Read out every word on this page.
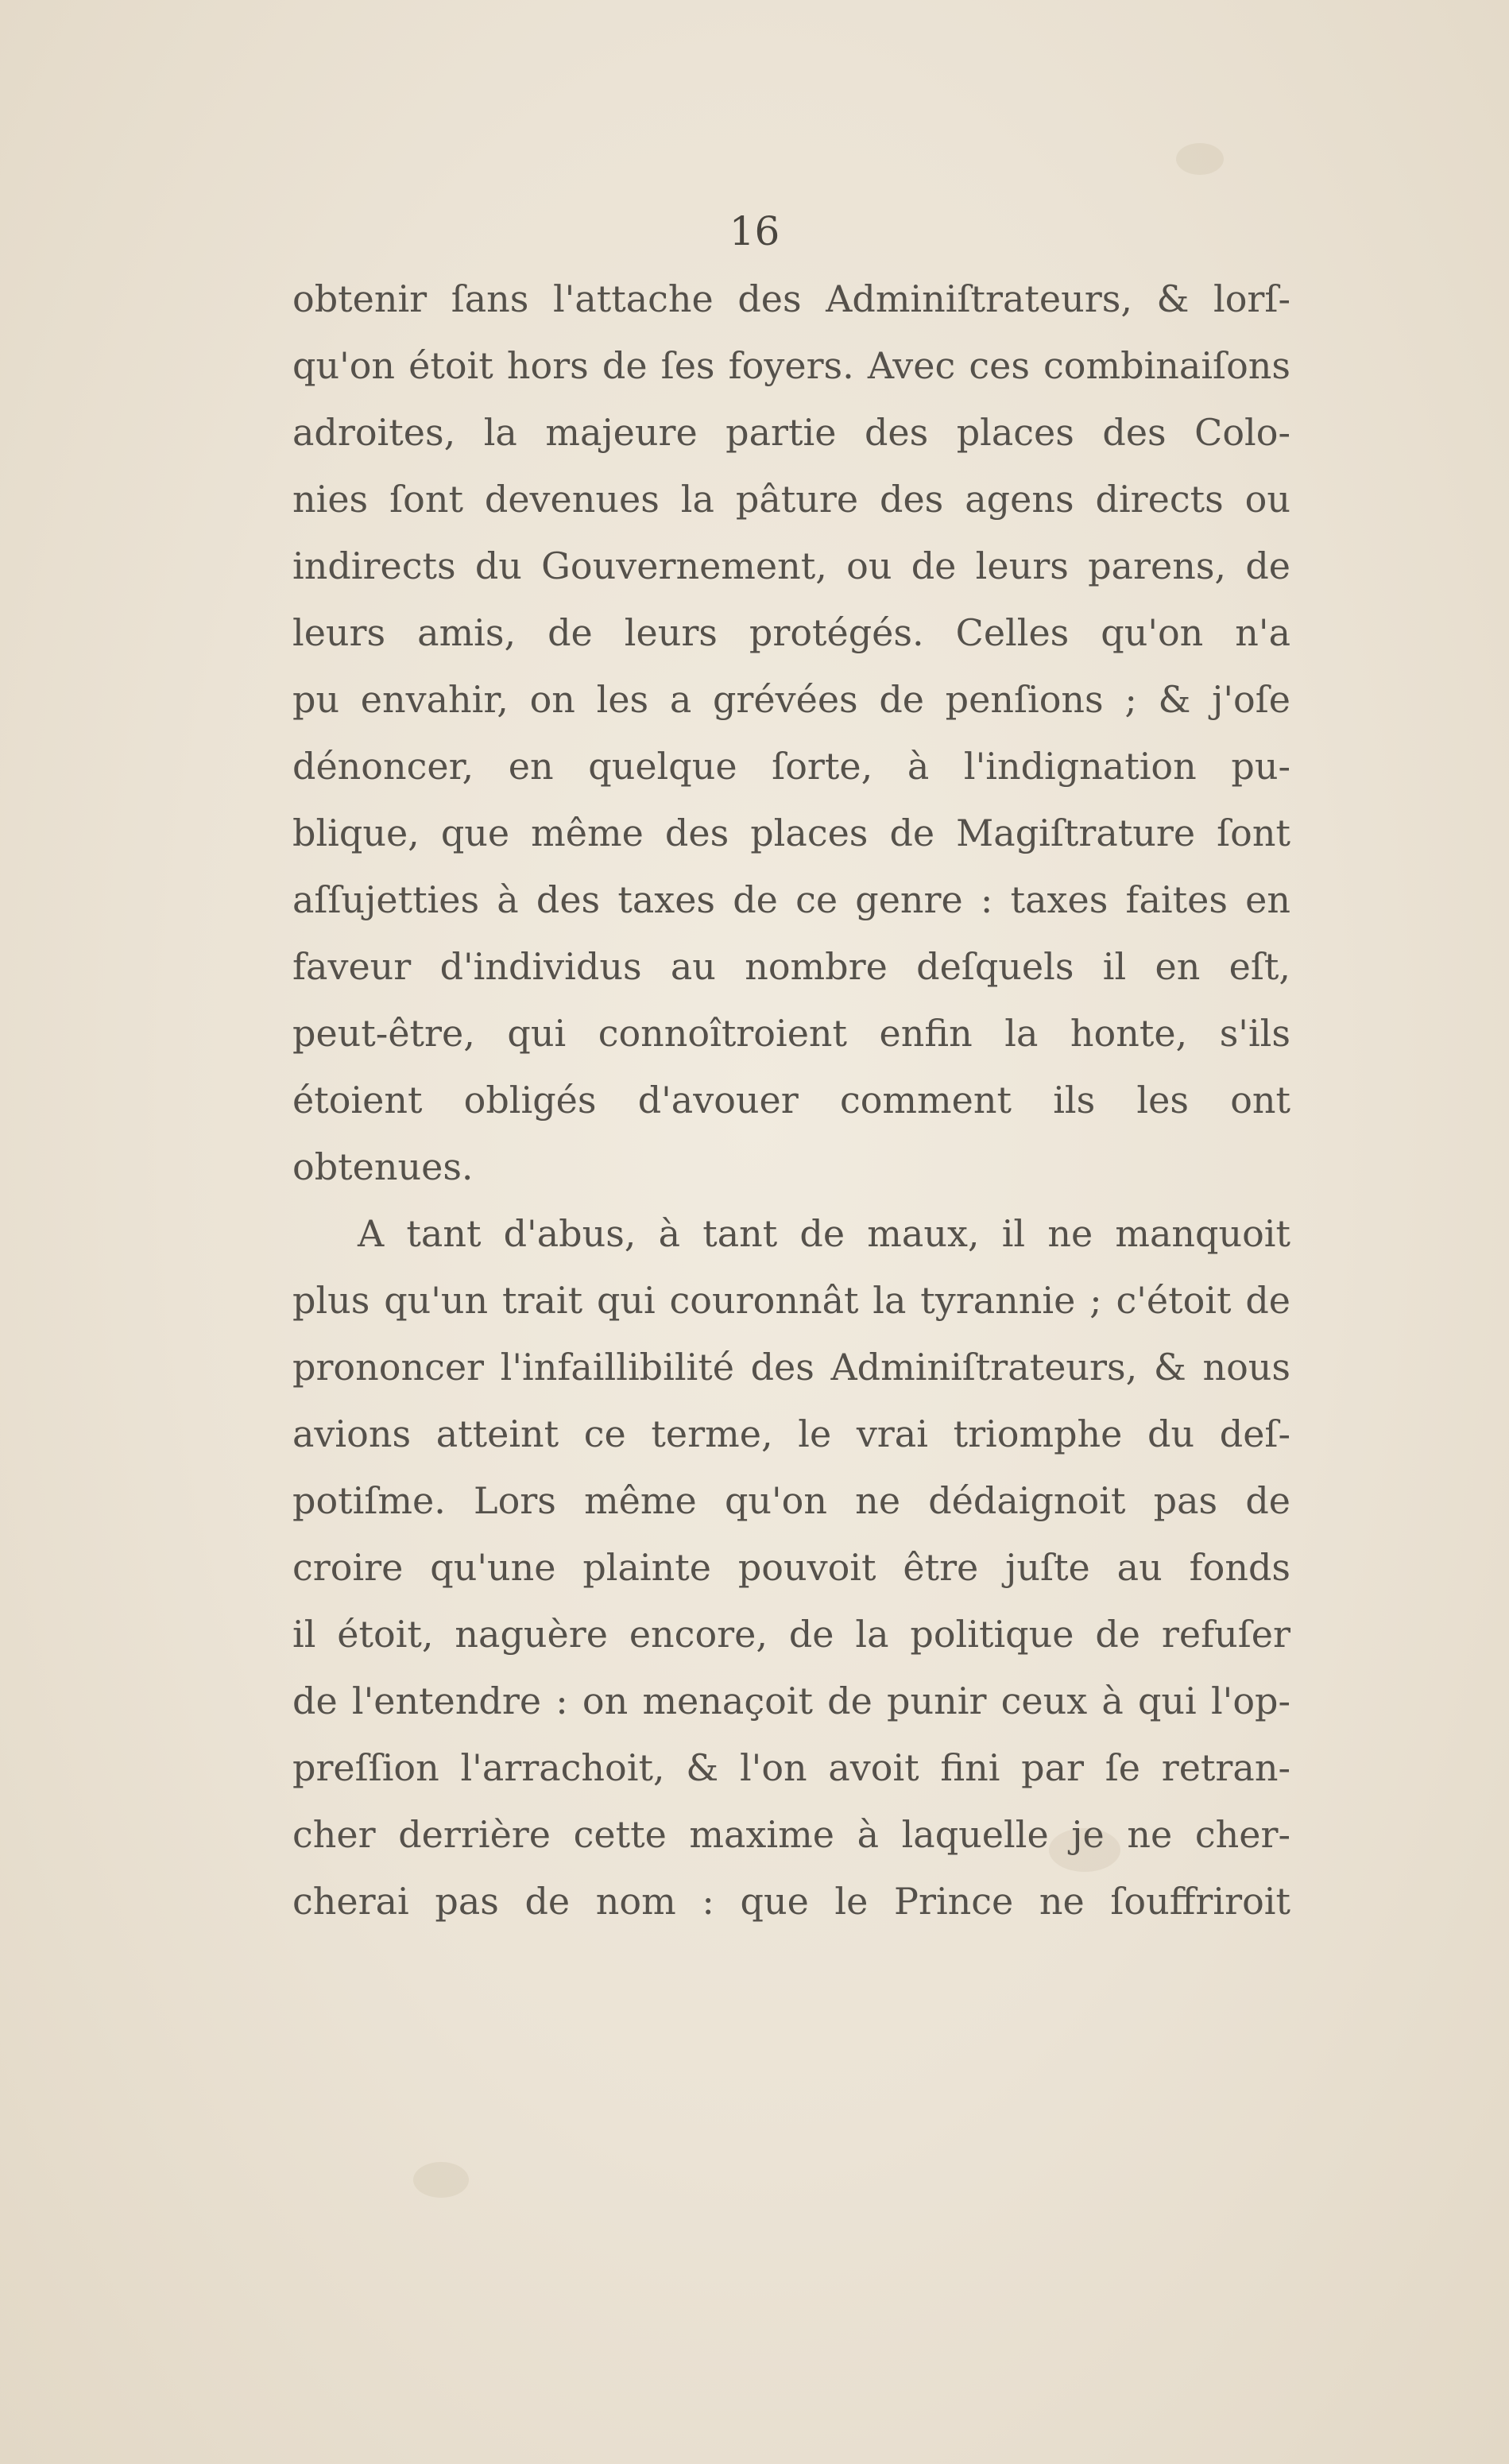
16
obtenir ſans l'attache des Adminiſtrateurs, & lorſ-
qu'on étoit hors de ſes foyers. Avec ces combinaiſons
adroites, la majeure partie des places des Colo-
nies ſont devenues la pâture des agens directs ou
indirects du Gouvernement, ou de leurs parens, de
leurs amis, de leurs protégés. Celles qu'on n'a
pu envahir, on les a grévées de penſions ; & j'oſe
dénoncer, en quelque ſorte, à l'indignation pu-
blique, que même des places de Magiſtrature ſont
aſſujetties à des taxes de ce genre : taxes faites en
faveur d'individus au nombre deſquels il en eſt,
peut-être, qui connoîtroient enfin la honte, s'ils
étoient obligés d'avouer comment ils les ont
obtenues.
A tant d'abus, à tant de maux, il ne manquoit
plus qu'un trait qui couronnât la tyrannie ; c'étoit de
prononcer l'infaillibilité des Adminiſtrateurs, & nous
avions atteint ce terme, le vrai triomphe du deſ-
potiſme. Lors même qu'on ne dédaignoit pas de
croire qu'une plainte pouvoit être juſte au fonds
il étoit, naguère encore, de la politique de refuſer
de l'entendre : on menaçoit de punir ceux à qui l'op-
preſſion l'arrachoit, & l'on avoit fini par ſe retran-
cher derrière cette maxime à laquelle je ne cher-
cherai pas de nom : que le Prince ne ſouffriroit
